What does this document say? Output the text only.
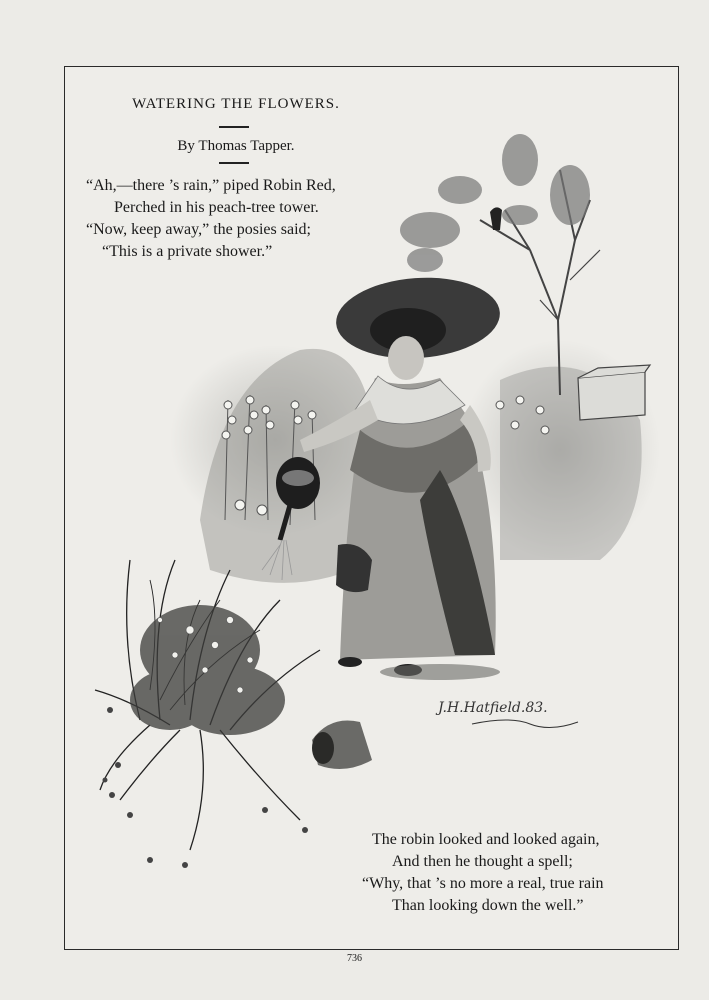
WATERING THE FLOWERS.
By Thomas Tapper.
“Ah,—there ’s rain,” piped Robin Red,
Perched in his peach-tree tower.
“Now, keep away,” the posies said;
“This is a private shower.”
J.H.Hatfield.83.
The robin looked and looked again,
And then he thought a spell;
“Why, that ’s no more a real, true rain
Than looking down the well.”
736
